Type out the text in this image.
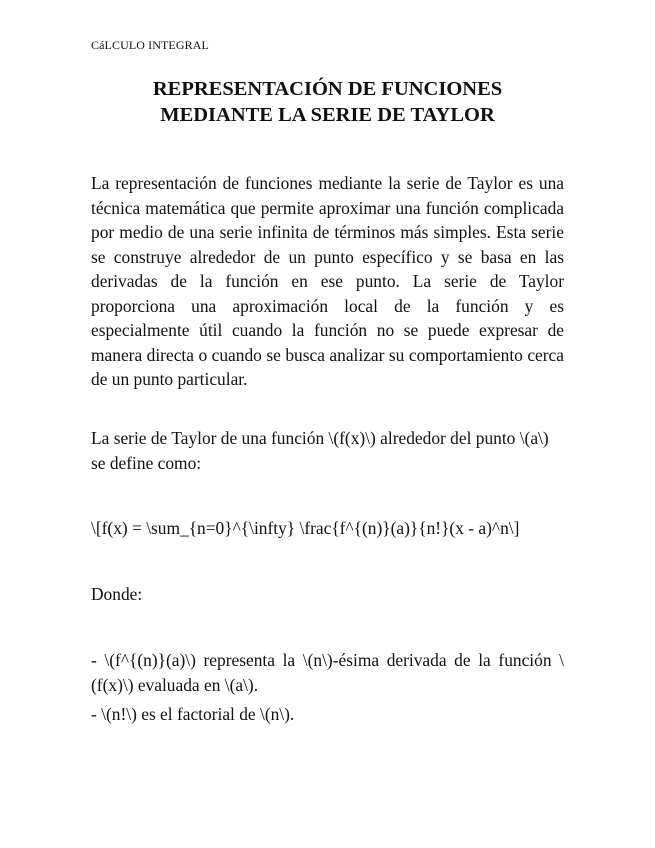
CáLCULO INTEGRAL
REPRESENTACIÓN DE FUNCIONES
MEDIANTE LA SERIE DE TAYLOR

La representación de funciones mediante la serie de Taylor es una técnica matemática que permite aproximar una función complicada por medio de una serie infinita de términos más simples. Esta serie se construye alrededor de un punto específico y se basa en las derivadas de la función en ese punto. La serie de Taylor proporciona una aproximación local de la función y es especialmente útil cuando la función no se puede expresar de manera directa o cuando se busca analizar su comportamiento cerca de un punto particular.

La serie de Taylor de una función \(f(x)\) alrededor del punto \(a\) se define como:

\[f(x) = \sum_{n=0}^{\infty} \frac{f^{(n)}(a)}{n!}(x - a)^n\]
Donde:

- \(f^{(n)}(a)\) representa la \(n\)-ésima derivada de la función \(f(x)\) evaluada en \(a\).

- \(n!\) es el factorial de \(n\).
